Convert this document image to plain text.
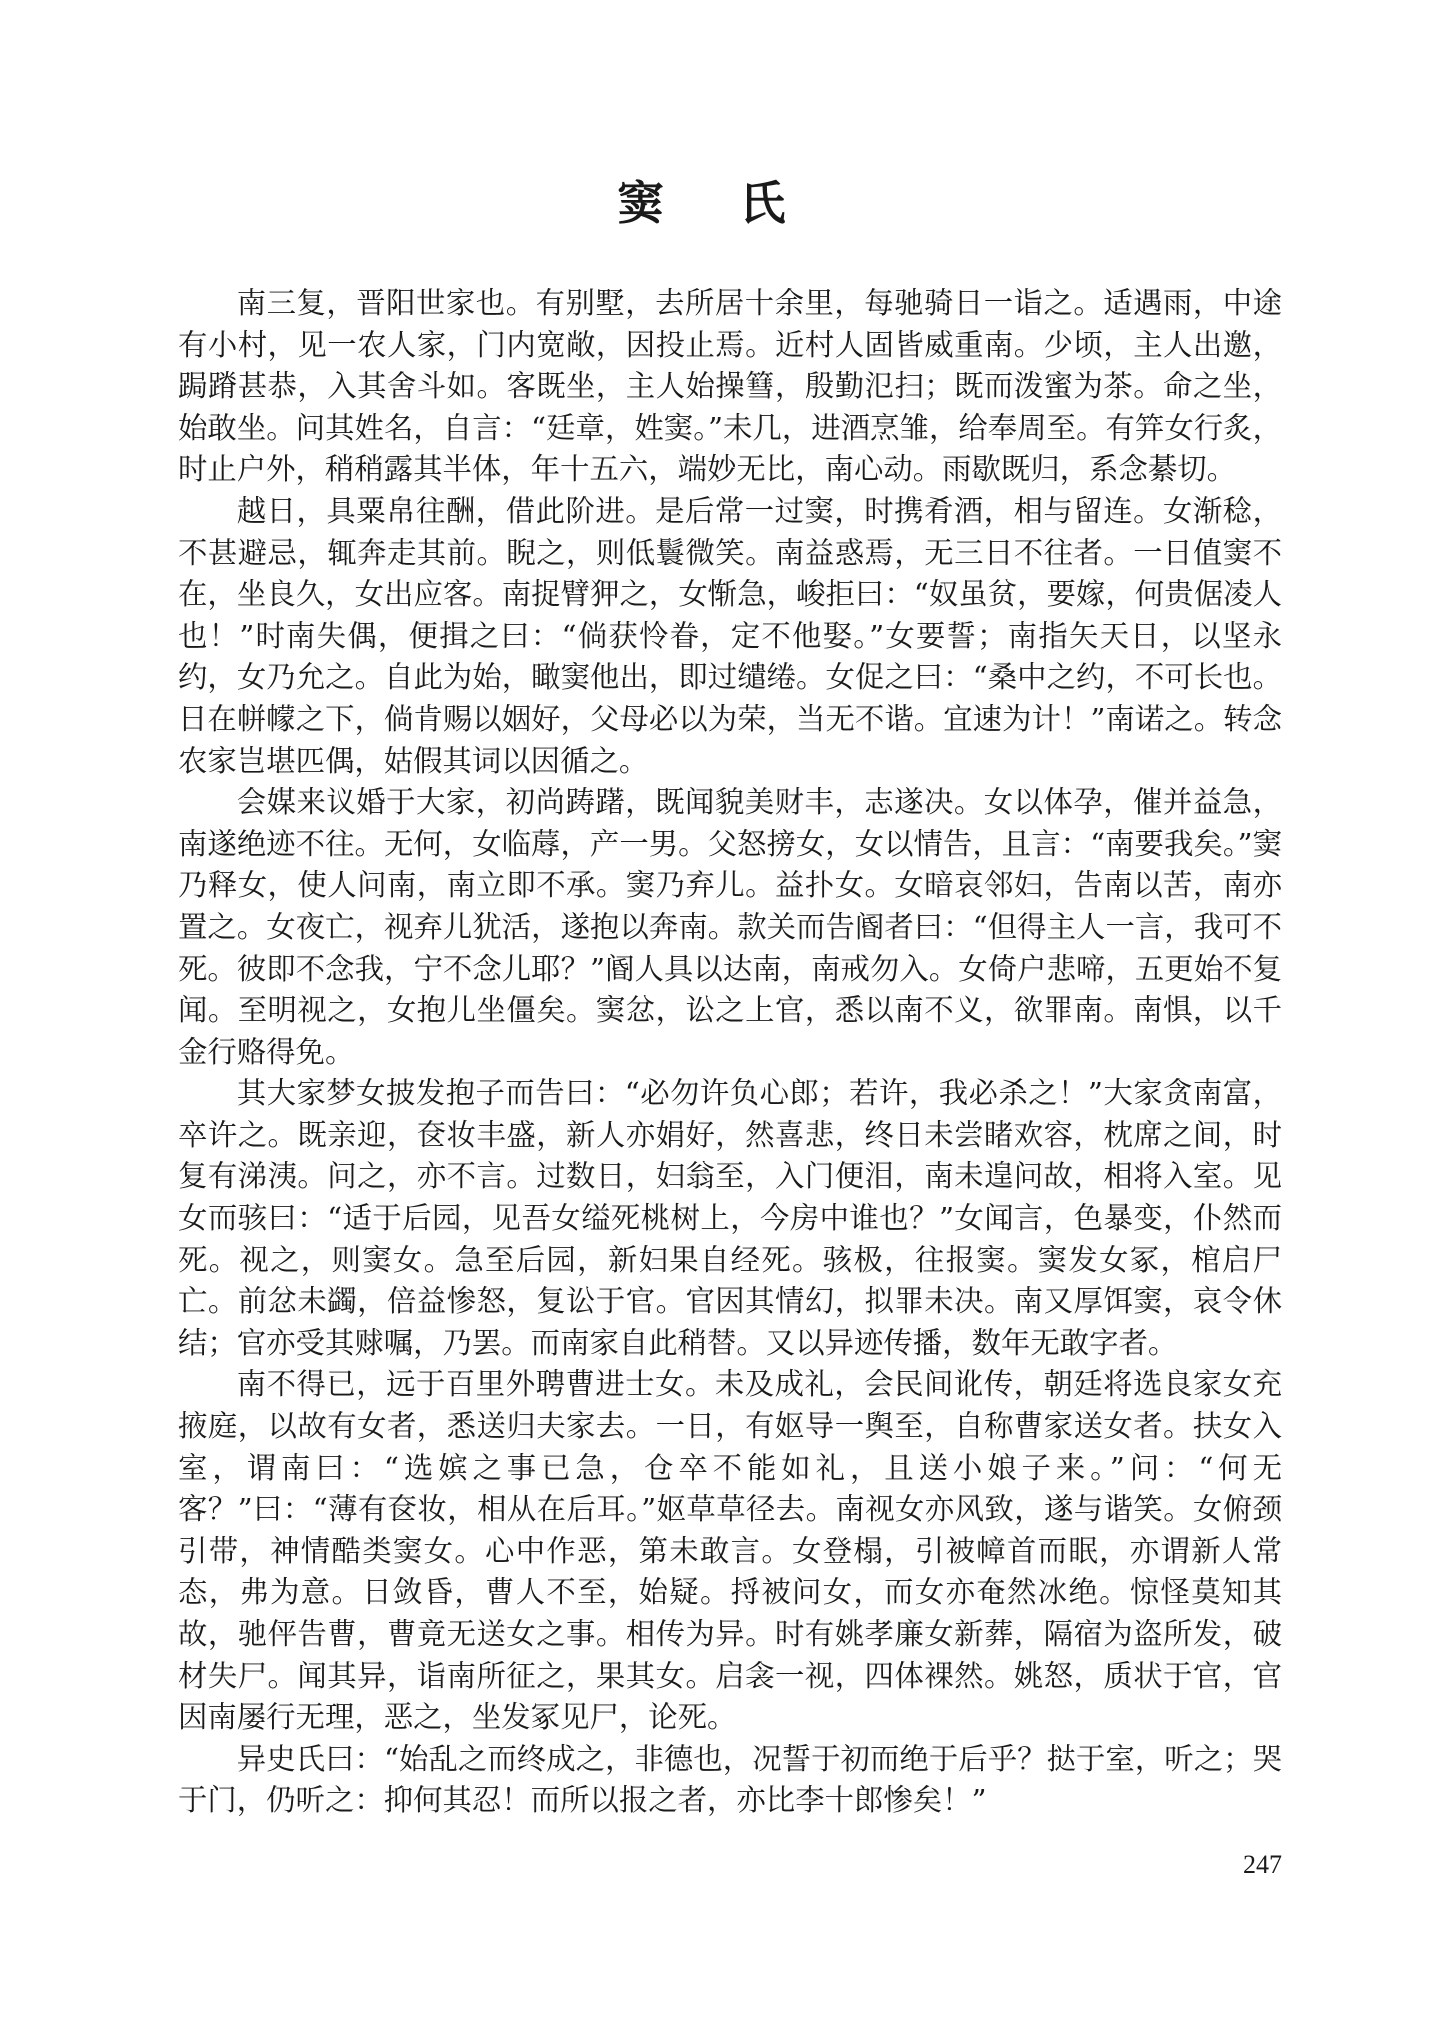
窦 氏

南三复，晋阳世家也。有别墅，去所居十余里，每驰骑日一诣之。适遇雨，中途有小村，见一农人家，门内宽敞，因投止焉。近村人固皆威重南。少顷，主人出邀，跼蹐甚恭，入其舍斗如。客既坐，主人始操篲，殷勤氾扫；既而泼蜜为茶。命之坐，始敢坐。问其姓名，自言：“廷章，姓窦。”未几，进酒烹雏，给奉周至。有笄女行炙，时止户外，稍稍露其半体，年十五六，端妙无比，南心动。雨歇既归，系念綦切。

越日，具粟帛往酬，借此阶进。是后常一过窦，时携肴酒，相与留连。女渐稔，不甚避忌，辄奔走其前。睨之，则低鬟微笑。南益惑焉，无三日不往者。一日值窦不在，坐良久，女出应客。南捉臂狎之，女惭急，峻拒曰：“奴虽贫，要嫁，何贵倨凌人也！”时南失偶，便揖之曰：“倘获怜眷，定不他娶。”女要誓；南指矢天日，以坚永约，女乃允之。自此为始，瞰窦他出，即过缱绻。女促之曰：“桑中之约，不可长也。日在帡幪之下，倘肯赐以姻好，父母必以为荣，当无不谐。宜速为计！”南诺之。转念农家岂堪匹偶，姑假其词以因循之。

会媒来议婚于大家，初尚踌躇，既闻貌美财丰，志遂决。女以体孕，催并益急，南遂绝迹不往。无何，女临蓐，产一男。父怒搒女，女以情告，且言：“南要我矣。”窦乃释女，使人问南，南立即不承。窦乃弃儿。益扑女。女暗哀邻妇，告南以苦，南亦置之。女夜亡，视弃儿犹活，遂抱以奔南。款关而告阍者曰：“但得主人一言，我可不死。彼即不念我，宁不念儿耶？”阍人具以达南，南戒勿入。女倚户悲啼，五更始不复闻。至明视之，女抱儿坐僵矣。窦忿，讼之上官，悉以南不义，欲罪南。南惧，以千金行赂得免。

其大家梦女披发抱子而告曰：“必勿许负心郎；若许，我必杀之！”大家贪南富，卒许之。既亲迎，奁妆丰盛，新人亦娟好，然喜悲，终日未尝睹欢容，枕席之间，时复有涕洟。问之，亦不言。过数日，妇翁至，入门便泪，南未遑问故，相将入室。见女而骇曰：“适于后园，见吾女缢死桃树上，今房中谁也？”女闻言，色暴变，仆然而死。视之，则窦女。急至后园，新妇果自经死。骇极，往报窦。窦发女冢，棺启尸亡。前忿未蠲，倍益惨怒，复讼于官。官因其情幻，拟罪未决。南又厚饵窦，哀令休结；官亦受其赇嘱，乃罢。而南家自此稍替。又以异迹传播，数年无敢字者。

南不得已，远于百里外聘曹进士女。未及成礼，会民间讹传，朝廷将选良家女充掖庭，以故有女者，悉送归夫家去。一日，有妪导一舆至，自称曹家送女者。扶女入室，谓南曰：“选嫔之事已急，仓卒不能如礼，且送小娘子来。”问：“何无客？”曰：“薄有奁妆，相从在后耳。”妪草草径去。南视女亦风致，遂与谐笑。女俯颈引带，神情酷类窦女。心中作恶，第未敢言。女登榻，引被幛首而眠，亦谓新人常态，弗为意。日敛昏，曹人不至，始疑。捋被问女，而女亦奄然冰绝。惊怪莫知其故，驰伻告曹，曹竟无送女之事。相传为异。时有姚孝廉女新葬，隔宿为盗所发，破材失尸。闻其异，诣南所征之，果其女。启衾一视，四体裸然。姚怒，质状于官，官因南屡行无理，恶之，坐发冢见尸，论死。

异史氏曰：“始乱之而终成之，非德也，况誓于初而绝于后乎？挞于室，听之；哭于门，仍听之：抑何其忍！而所以报之者，亦比李十郎惨矣！”

247
